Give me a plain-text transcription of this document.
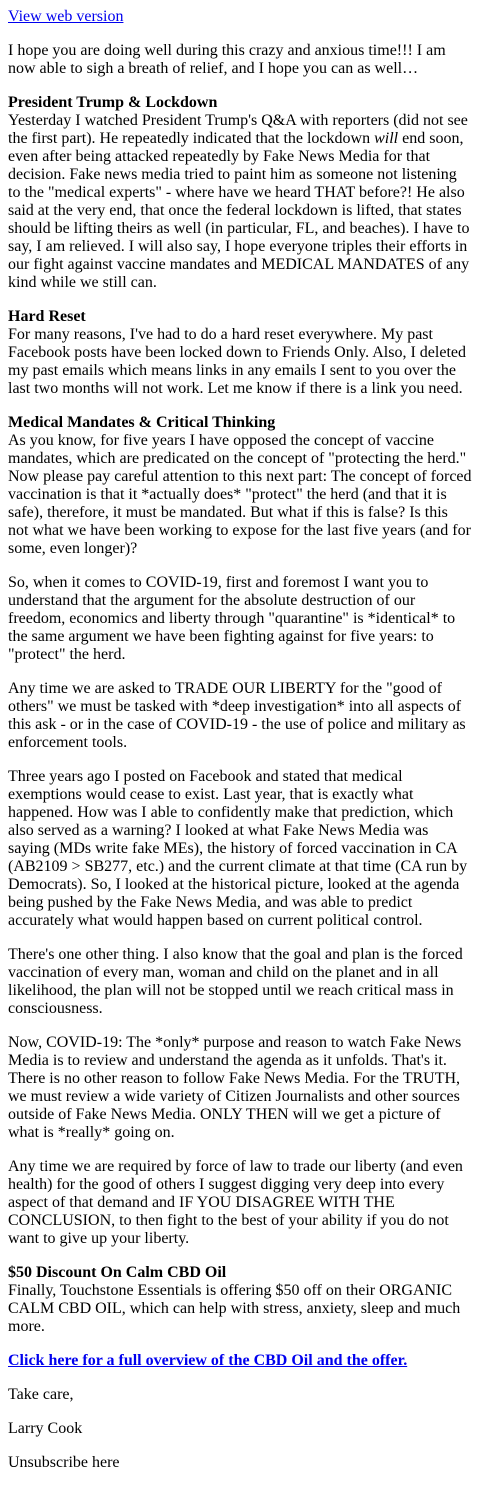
View web version

I hope you are doing well during this crazy and anxious time!!! I am now able to sigh a breath of relief, and I hope you can as well…

President Trump & Lockdown
Yesterday I watched President Trump's Q&A with reporters (did not see the first part). He repeatedly indicated that the lockdown will end soon, even after being attacked repeatedly by Fake News Media for that decision. Fake news media tried to paint him as someone not listening to the "medical experts" - where have we heard THAT before?! He also said at the very end, that once the federal lockdown is lifted, that states should be lifting theirs as well (in particular, FL, and beaches). I have to say, I am relieved. I will also say, I hope everyone triples their efforts in our fight against vaccine mandates and MEDICAL MANDATES of any kind while we still can.

Hard Reset
For many reasons, I've had to do a hard reset everywhere. My past Facebook posts have been locked down to Friends Only. Also, I deleted my past emails which means links in any emails I sent to you over the last two months will not work. Let me know if there is a link you need.

Medical Mandates & Critical Thinking
As you know, for five years I have opposed the concept of vaccine mandates, which are predicated on the concept of "protecting the herd." Now please pay careful attention to this next part: The concept of forced vaccination is that it *actually does* "protect" the herd (and that it is safe), therefore, it must be mandated. But what if this is false? Is this not what we have been working to expose for the last five years (and for some, even longer)?

So, when it comes to COVID-19, first and foremost I want you to understand that the argument for the absolute destruction of our freedom, economics and liberty through "quarantine" is *identical* to the same argument we have been fighting against for five years: to "protect" the herd.

Any time we are asked to TRADE OUR LIBERTY for the "good of others" we must be tasked with *deep investigation* into all aspects of this ask - or in the case of COVID-19 - the use of police and military as enforcement tools.

Three years ago I posted on Facebook and stated that medical exemptions would cease to exist. Last year, that is exactly what happened. How was I able to confidently make that prediction, which also served as a warning? I looked at what Fake News Media was saying (MDs write fake MEs), the history of forced vaccination in CA (AB2109 > SB277, etc.) and the current climate at that time (CA run by Democrats). So, I looked at the historical picture, looked at the agenda being pushed by the Fake News Media, and was able to predict accurately what would happen based on current political control.

There's one other thing. I also know that the goal and plan is the forced vaccination of every man, woman and child on the planet and in all likelihood, the plan will not be stopped until we reach critical mass in consciousness.

Now, COVID-19: The *only* purpose and reason to watch Fake News Media is to review and understand the agenda as it unfolds. That's it. There is no other reason to follow Fake News Media. For the TRUTH, we must review a wide variety of Citizen Journalists and other sources outside of Fake News Media. ONLY THEN will we get a picture of what is *really* going on.

Any time we are required by force of law to trade our liberty (and even health) for the good of others I suggest digging very deep into every aspect of that demand and IF YOU DISAGREE WITH THE CONCLUSION, to then fight to the best of your ability if you do not want to give up your liberty.

$50 Discount On Calm CBD Oil
Finally, Touchstone Essentials is offering $50 off on their ORGANIC CALM CBD OIL, which can help with stress, anxiety, sleep and much more.

Click here for a full overview of the CBD Oil and the offer.

Take care,

Larry Cook

Unsubscribe here
